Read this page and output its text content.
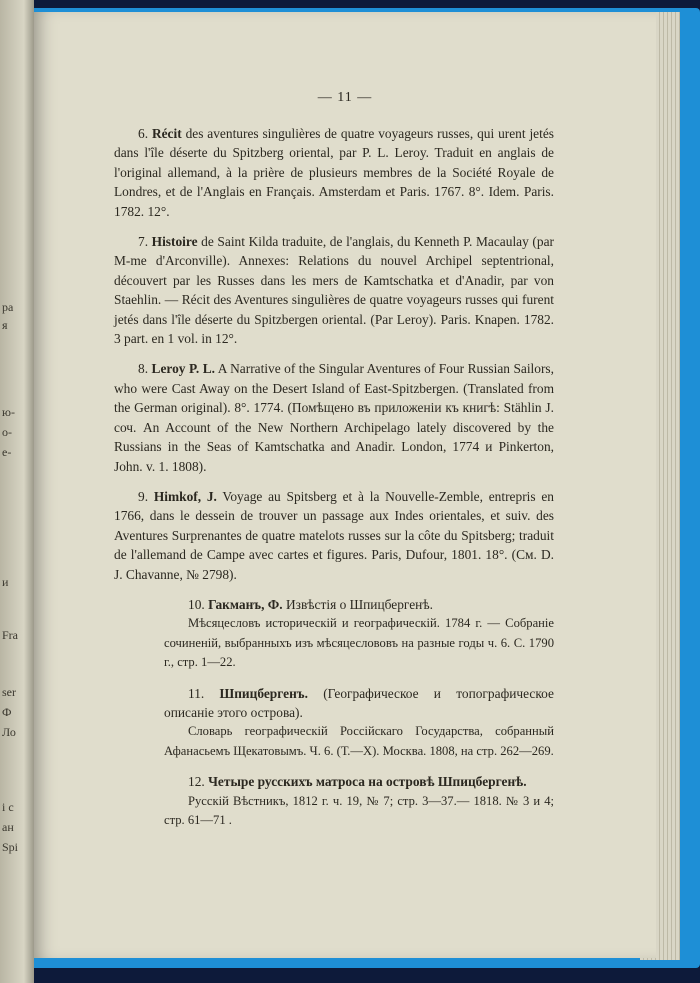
pa
я
ю-
o-
e-
и
Fra
ser
Ф
Ло
i с
ан
Spi
— 11 —

6. Récit des aventures singulières de quatre voyageurs russes, qui urent jetés dans l'île déserte du Spitzberg oriental, par P. L. Leroy. Traduit en anglais de l'original allemand, à la prière de plusieurs membres de la Société Royale de Londres, et de l'Anglais en Français. Amsterdam et Paris. 1767. 8°. Idem. Paris. 1782. 12°.

7. Histoire de Saint Kilda traduite, de l'anglais, du Kenneth P. Macaulay (par M-me d'Arconville). Annexes: Relations du nouvel Archipel septentrional, découvert par les Russes dans les mers de Kamtschatka et d'Anadir, par von Staehlin. — Récit des Aventures singulières de quatre voyageurs russes qui furent jetés dans l'île déserte du Spitzbergen oriental. (Par Leroy). Paris. Knapen. 1782. 3 part. en 1 vol. in 12°.

8. Leroy P. L. A Narrative of the Singular Aventures of Four Russian Sailors, who were Cast Away on the Desert Island of East-Spitzbergen. (Translated from the German original). 8°. 1774. (Помѣщено въ приложеніи къ книгѣ: Stählin J. соч. An Account of the New Northern Archipelago lately discovered by the Russians in the Seas of Kamtschatka and Anadir. London, 1774 и Pinkerton, John. v. 1. 1808).

9. Himkof, J. Voyage au Spitsberg et à la Nouvelle-Zemble, entrepris en 1766, dans le dessein de trouver un passage aux Indes orientales, et suiv. des Aventures Surprenantes de quatre matelots russes sur la côte du Spitsberg; traduit de l'allemand de Campe avec cartes et figures. Paris, Dufour, 1801. 18°. (См. D. J. Chavanne, № 2798).

10. Гакманъ, Ф. Извѣстія о Шпицбергенѣ.

Мѣсяцесловъ историческій и географическій. 1784 г. — Собраніе сочиненій, выбранныхъ изъ мѣсяцеслововъ на разные годы ч. 6. С. 1790 г., стр. 1—22.

11. Шпицбергенъ. (Географическое и топографическое описаніе этого острова).

Словарь географическій Россійскаго Государства, собранный Афанасьемъ Щекатовымъ. Ч. 6. (Т.—Х). Москва. 1808, на стр. 262—269.

12. Четыре русскихъ матроса на островѣ Шпицбергенѣ.

Русскій Вѣстникъ, 1812 г. ч. 19, № 7; стр. 3—37.— 1818. № 3 и 4; стр. 61—71 .
